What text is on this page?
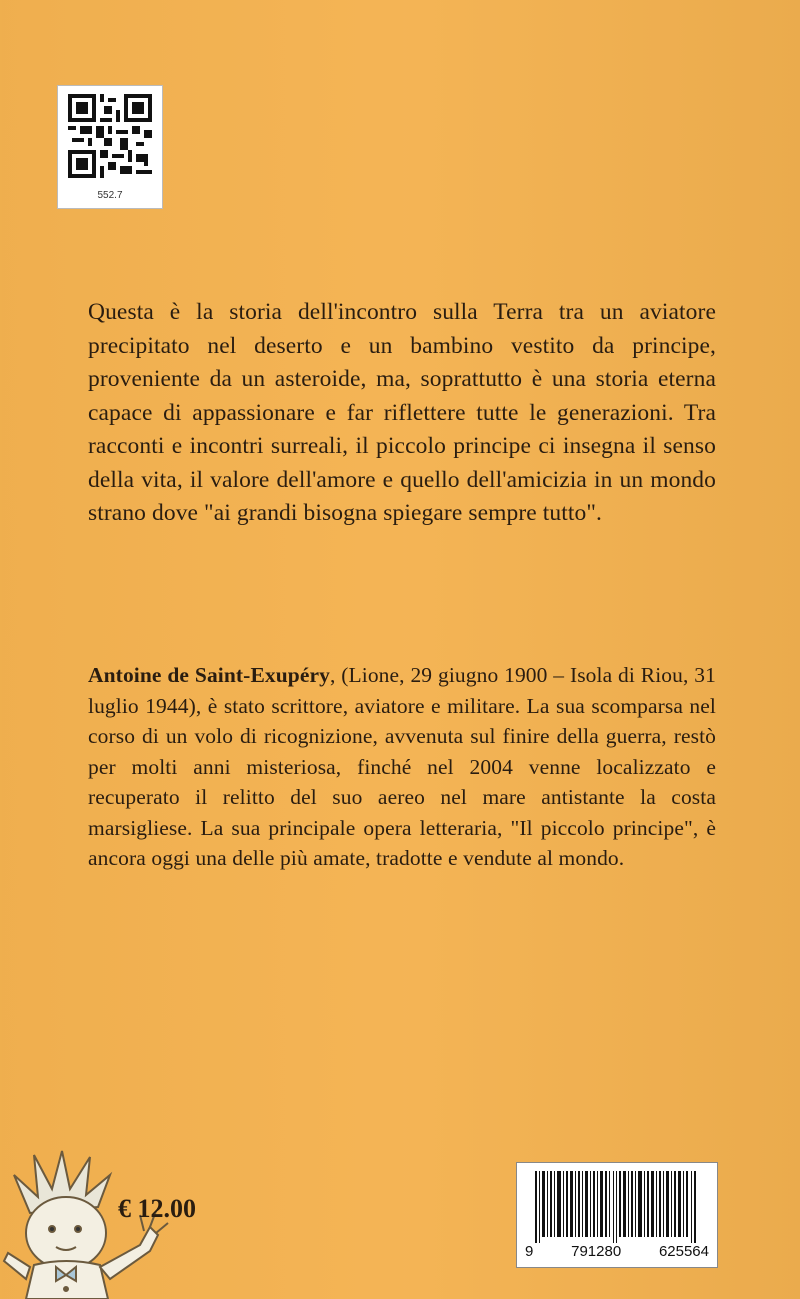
552.7

Questa è la storia dell'incontro sulla Terra tra un aviatore precipitato nel deserto e un bambino vestito da principe, proveniente da un asteroide, ma, soprattutto è una storia eterna capace di appassionare e far riflettere tutte le generazioni. Tra racconti e incontri surreali, il piccolo principe ci insegna il senso della vita, il valore dell'amore e quello dell'amicizia in un mondo strano dove "ai grandi bisogna spiegare sempre tutto".

Antoine de Saint-Exupéry, (Lione, 29 giugno 1900 – Isola di Riou, 31 luglio 1944), è stato scrittore, aviatore e militare. La sua scomparsa nel corso di un volo di ricognizione, avvenuta sul finire della guerra, restò per molti anni misteriosa, finché nel 2004 venne localizzato e recuperato il relitto del suo aereo nel mare antistante la costa marsigliese. La sua principale opera letteraria, "Il piccolo principe", è ancora oggi una delle più amate, tradotte e vendute al mondo.

€ 12.00
9	791280	625564
